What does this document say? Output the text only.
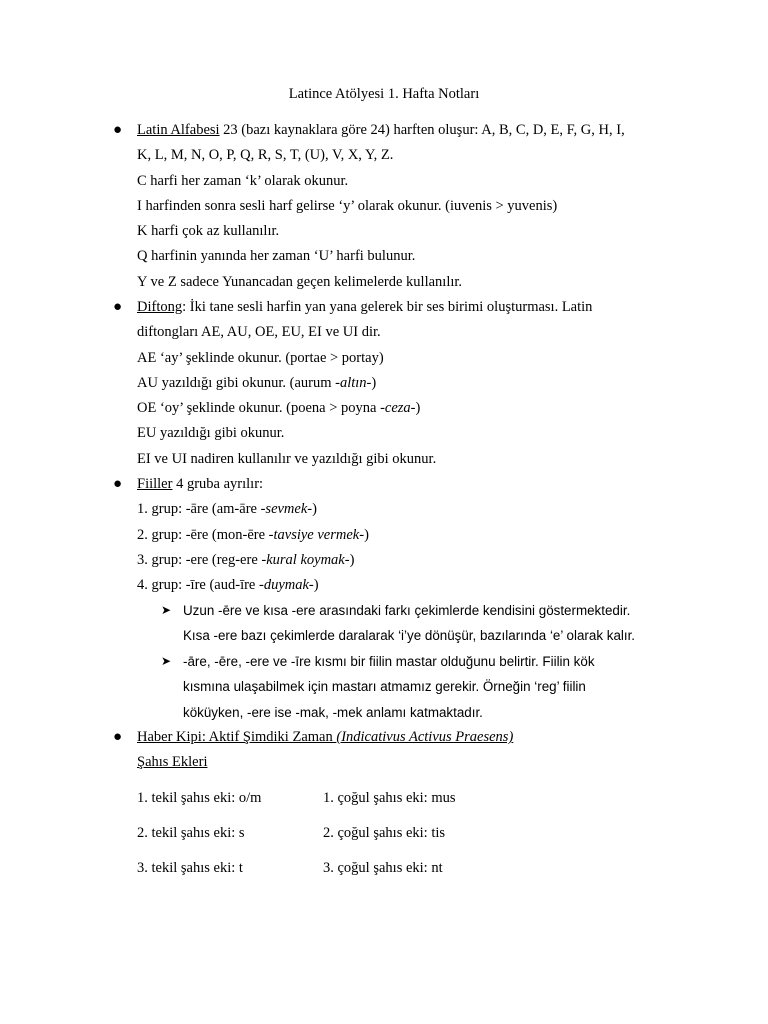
Latince Atölyesi 1. Hafta Notları
● Latin Alfabesi 23 (bazı kaynaklara göre 24) harften oluşur: A, B, C, D, E, F, G, H, I,
K, L, M, N, O, P, Q, R, S, T, (U), V, X, Y, Z.
C harfi her zaman ‘k’ olarak okunur.
I harfinden sonra sesli harf gelirse ‘y’ olarak okunur. (iuvenis > yuvenis)
K harfi çok az kullanılır.
Q harfinin yanında her zaman ‘U’ harfi bulunur.
Y ve Z sadece Yunancadan geçen kelimelerde kullanılır.
● Diftong: İki tane sesli harfin yan yana gelerek bir ses birimi oluşturması. Latin
diftongları AE, AU, OE, EU, EI ve UI dir.
AE ‘ay’ şeklinde okunur. (portae > portay)
AU yazıldığı gibi okunur. (aurum -altın-)
OE ‘oy’ şeklinde okunur. (poena > poyna -ceza-)
EU yazıldığı gibi okunur.
EI ve UI nadiren kullanılır ve yazıldığı gibi okunur.
● Fiiller 4 gruba ayrılır:
1. grup: -āre (am-āre -sevmek-)
2. grup: -ēre (mon-ēre -tavsiye vermek-)
3. grup: -ere (reg-ere -kural koymak-)
4. grup: -īre (aud-īre -duymak-)
➤ Uzun -ēre ve kısa -ere arasındaki farkı çekimlerde kendisini göstermektedir.
Kısa -ere bazı çekimlerde daralarak ‘i’ye dönüşür, bazılarında ‘e’ olarak kalır.
➤ -āre, -ēre, -ere ve -īre kısmı bir fiilin mastar olduğunu belirtir. Fiilin kök
kısmına ulaşabilmek için mastarı atmamız gerekir. Örneğin ‘reg’ fiilin
köküyken, -ere ise -mak, -mek anlamı katmaktadır.
● Haber Kipi: Aktif Şimdiki Zaman (Indicativus Activus Praesens)
Şahıs Ekleri
1. tekil şahıs eki: o/m	1. çoğul şahıs eki: mus
2. tekil şahıs eki: s	2. çoğul şahıs eki: tis
3. tekil şahıs eki: t	3. çoğul şahıs eki: nt
